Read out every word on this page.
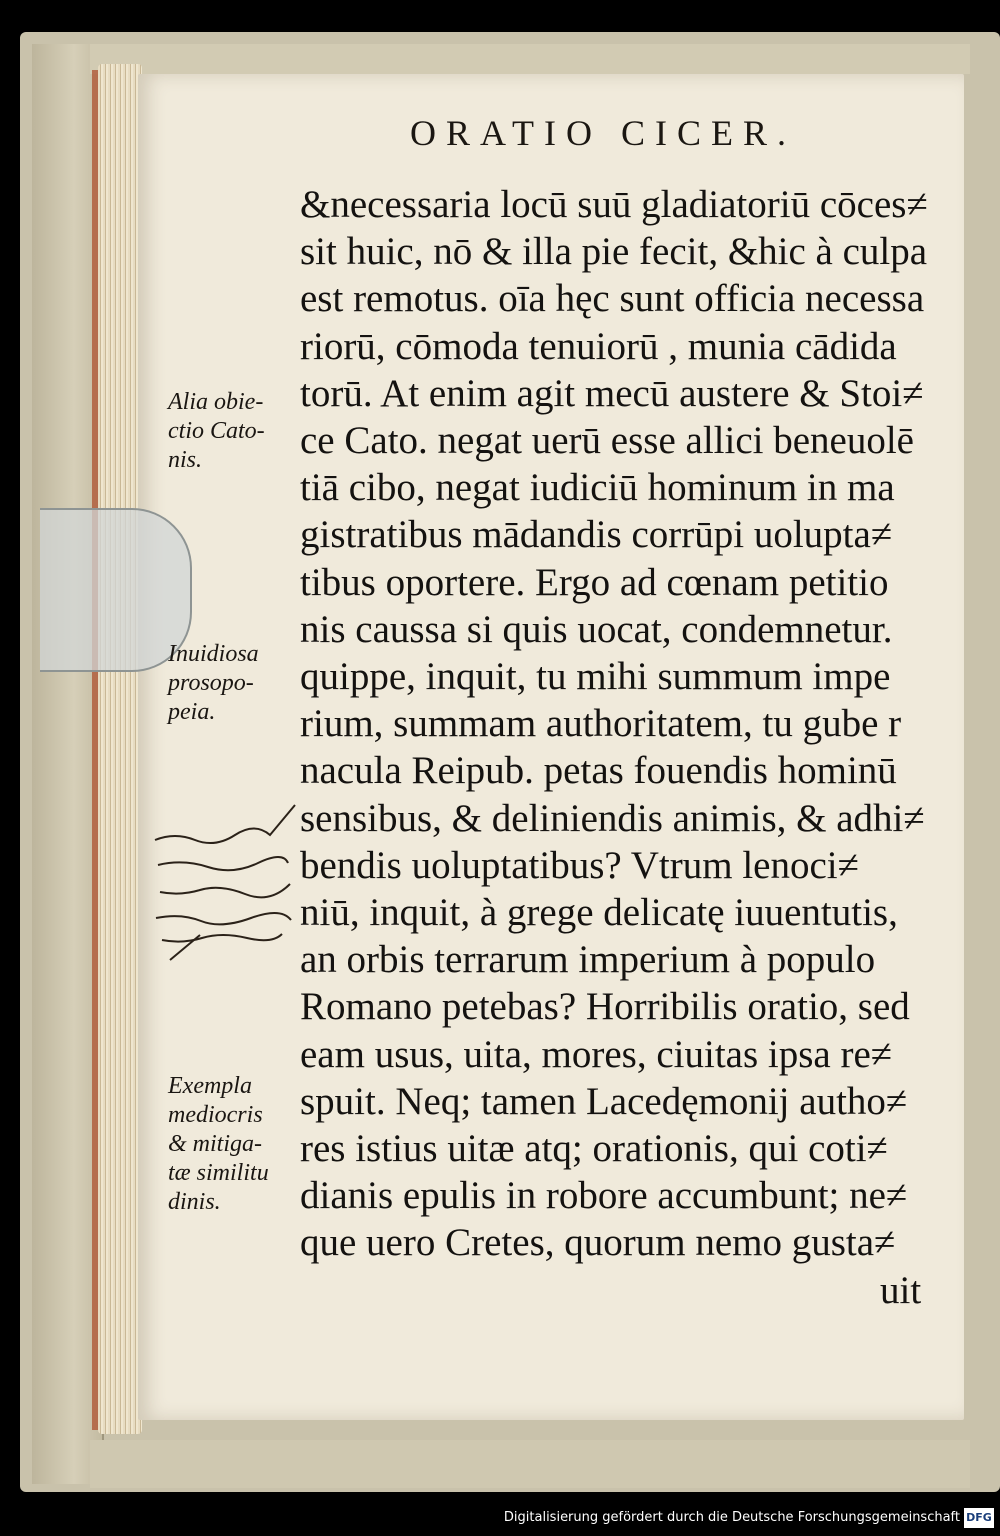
ORATIO CICER.
&necessaria locū suū gladiatoriū cōces≠
sit huic, nō & illa pie fecit, &hic à culpa
est remotus. oīa hęc sunt officia necessa
riorū, cōmoda tenuiorū , munia cādida
torū. At enim agit mecū austere & Stoi≠
ce Cato. negat uerū esse allici beneuolē
tiā cibo, negat iudiciū hominum in ma
gistratibus mādandis corrūpi uolupta≠
tibus oportere. Ergo ad cœnam petitio
nis caussa si quis uocat, condemnetur.
quippe, inquit, tu mihi summum impe
rium, summam authoritatem, tu gube r
nacula Reipub. petas fouendis hominū
sensibus, & deliniendis animis, & adhi≠
bendis uoluptatibus? Vtrum lenoci≠
niū, inquit, à grege delicatę iuuentutis,
an orbis terrarum imperium à populo
Romano petebas? Horribilis oratio, sed
eam usus, uita, mores, ciuitas ipsa re≠
spuit. Neq; tamen Lacedęmonij autho≠
res istius uitæ atq; orationis, qui coti≠
dianis epulis in robore accumbunt; ne≠
que uero Cretes, quorum nemo gusta≠
uit
Alia obie-
ctio Cato-
nis.
Inuidiosa
prosopo-
peia.
Exempla
mediocris
& mitiga-
tæ similitu
dinis.
Digitalisierung gefördert durch die Deutsche Forschungsgemeinschaft DFG
